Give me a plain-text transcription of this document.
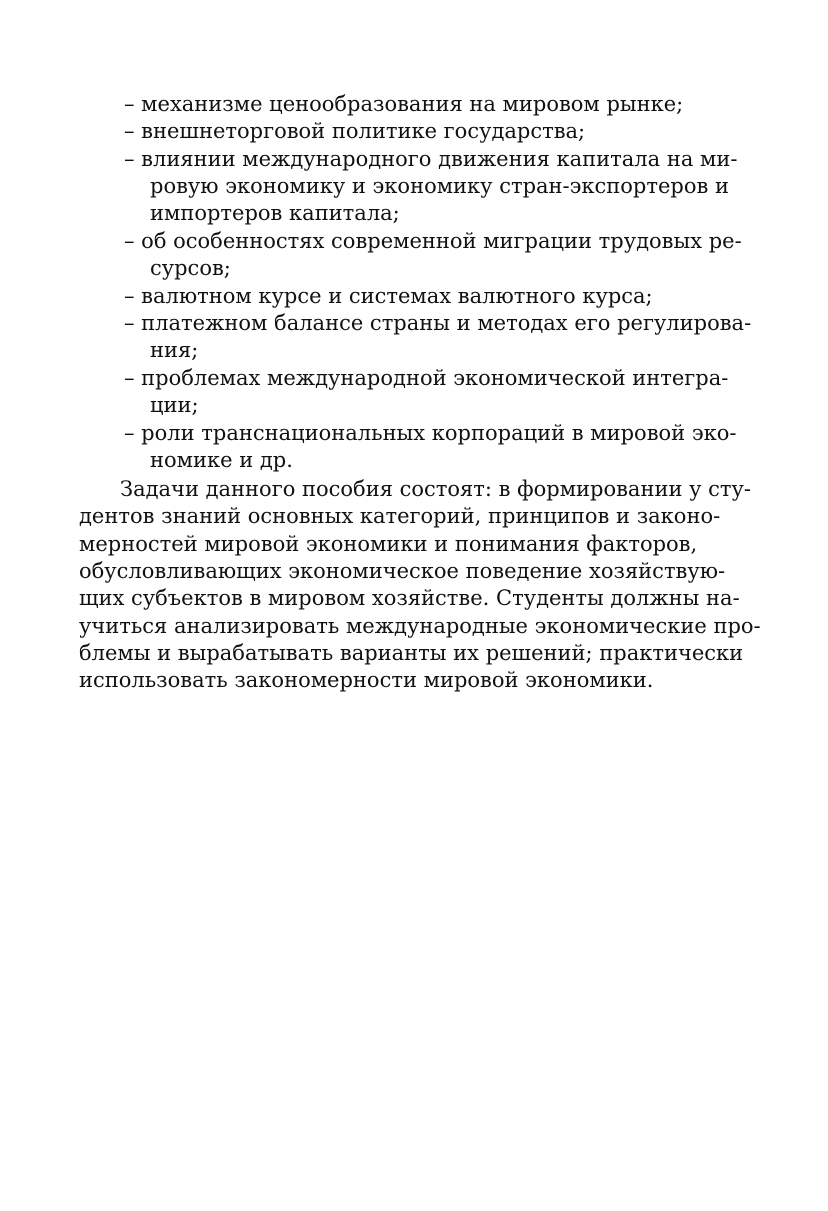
– механизме ценообразования на мировом рынке;
– внешнеторговой политике государства;
– влиянии международного движения капитала на ми-
ровую экономику и экономику стран-экспортеров и
импортеров капитала;
– об особенностях современной миграции трудовых ре-
сурсов;
– валютном курсе и системах валютного курса;
– платежном балансе страны и методах его регулирова-
ния;
– проблемах международной экономической интегра-
ции;
– роли транснациональных корпораций в мировой эко-
номике и др.
Задачи данного пособия состоят: в формировании у сту-
дентов знаний основных категорий, принципов и законо-
мерностей мировой экономики и понимания факторов,
обусловливающих экономическое поведение хозяйствую-
щих субъектов в мировом хозяйстве. Студенты должны на-
учиться анализировать международные экономические про-
блемы и вырабатывать варианты их решений; практически
использовать закономерности мировой экономики.
